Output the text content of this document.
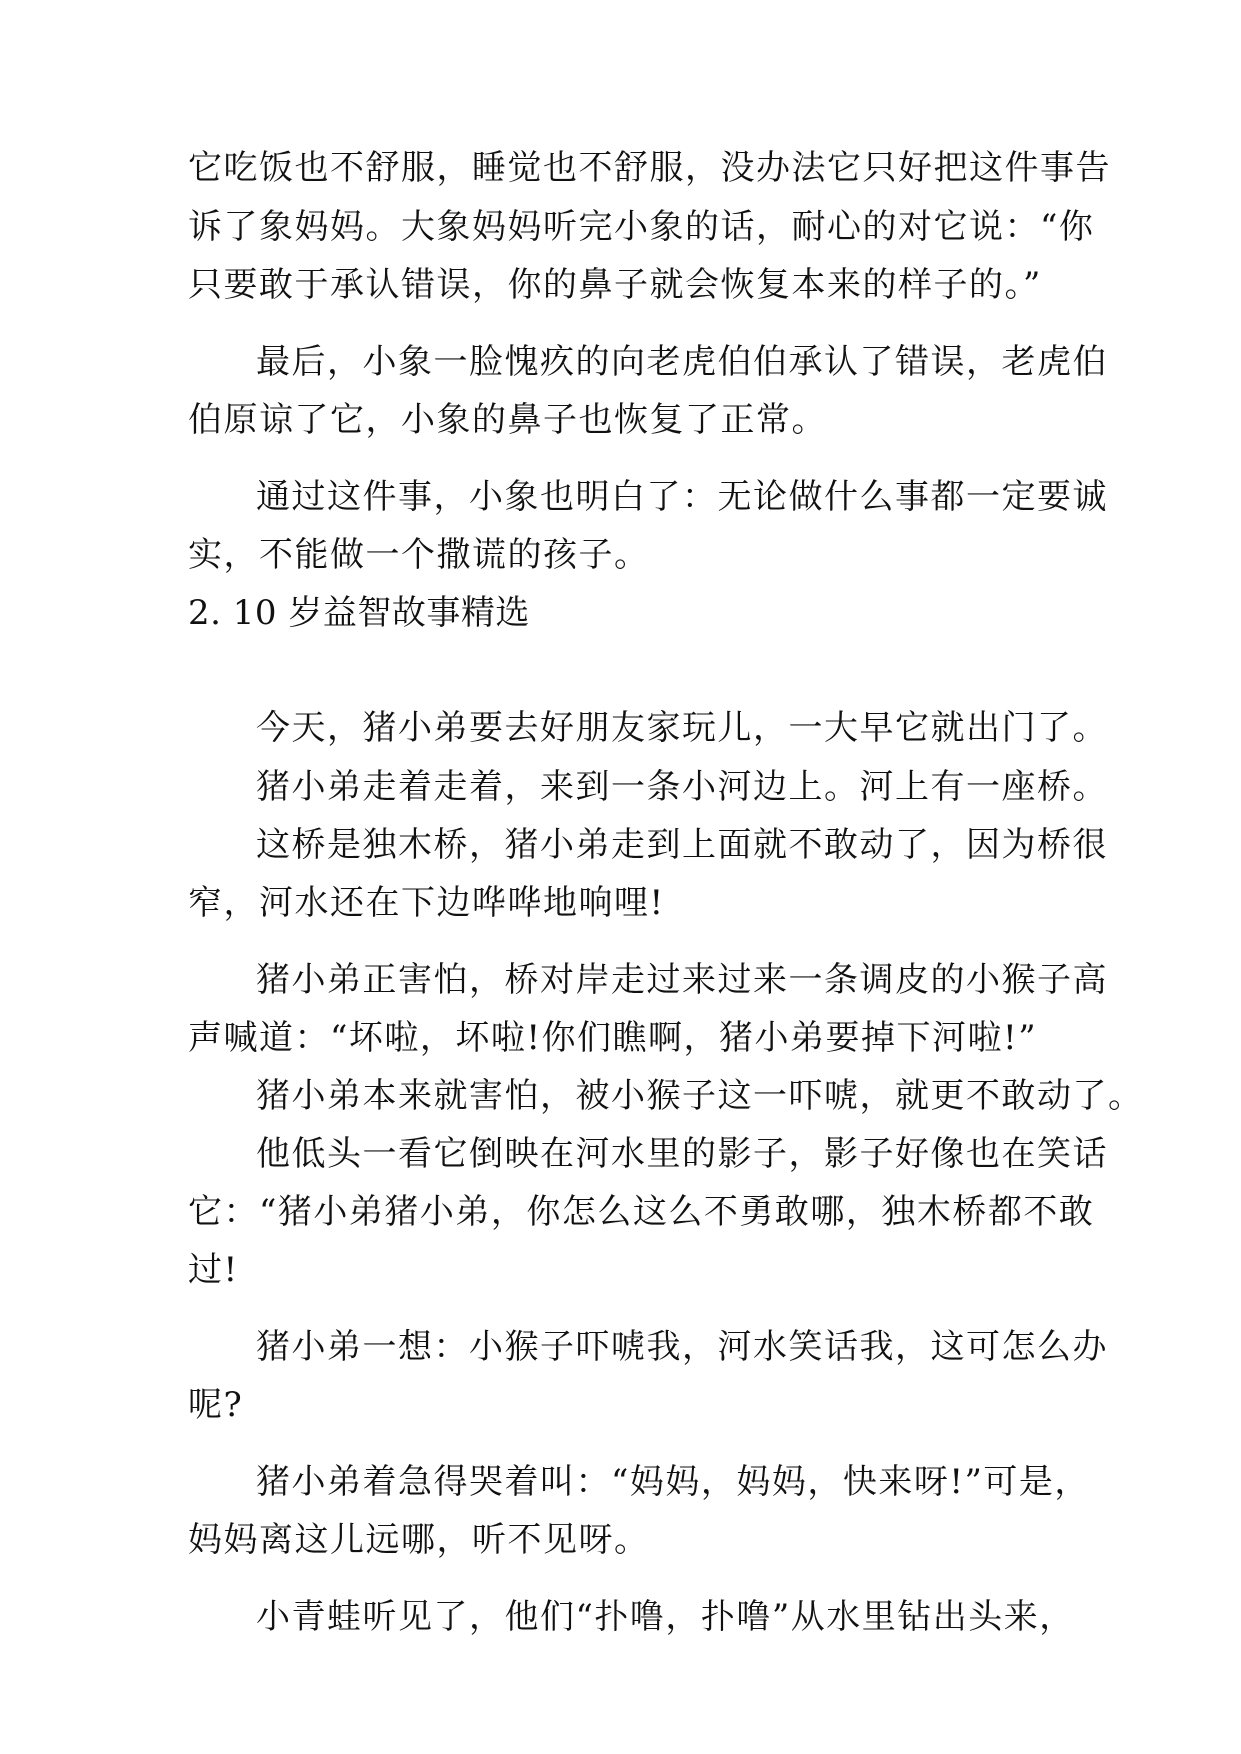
它吃饭也不舒服，睡觉也不舒服，没办法它只好把这件事告
诉了象妈妈。大象妈妈听完小象的话，耐心的对它说：“你
只要敢于承认错误，你的鼻子就会恢复本来的样子的。”
最后，小象一脸愧疚的向老虎伯伯承认了错误，老虎伯
伯原谅了它，小象的鼻子也恢复了正常。
通过这件事，小象也明白了：无论做什么事都一定要诚
实，不能做一个撒谎的孩子。
2. 10 岁益智故事精选
今天，猪小弟要去好朋友家玩儿，一大早它就出门了。
猪小弟走着走着，来到一条小河边上。河上有一座桥。
这桥是独木桥，猪小弟走到上面就不敢动了，因为桥很
窄，河水还在下边哗哗地响哩!
猪小弟正害怕，桥对岸走过来过来一条调皮的小猴子高
声喊道：“坏啦，坏啦!你们瞧啊，猪小弟要掉下河啦!”
猪小弟本来就害怕，被小猴子这一吓唬，就更不敢动了。
他低头一看它倒映在河水里的影子，影子好像也在笑话
它：“猪小弟猪小弟，你怎么这么不勇敢哪，独木桥都不敢
过!
猪小弟一想：小猴子吓唬我，河水笑话我，这可怎么办
呢?
猪小弟着急得哭着叫：“妈妈，妈妈，快来呀!”可是，
妈妈离这儿远哪，听不见呀。
小青蛙听见了，他们“扑噜，扑噜”从水里钻出头来，
